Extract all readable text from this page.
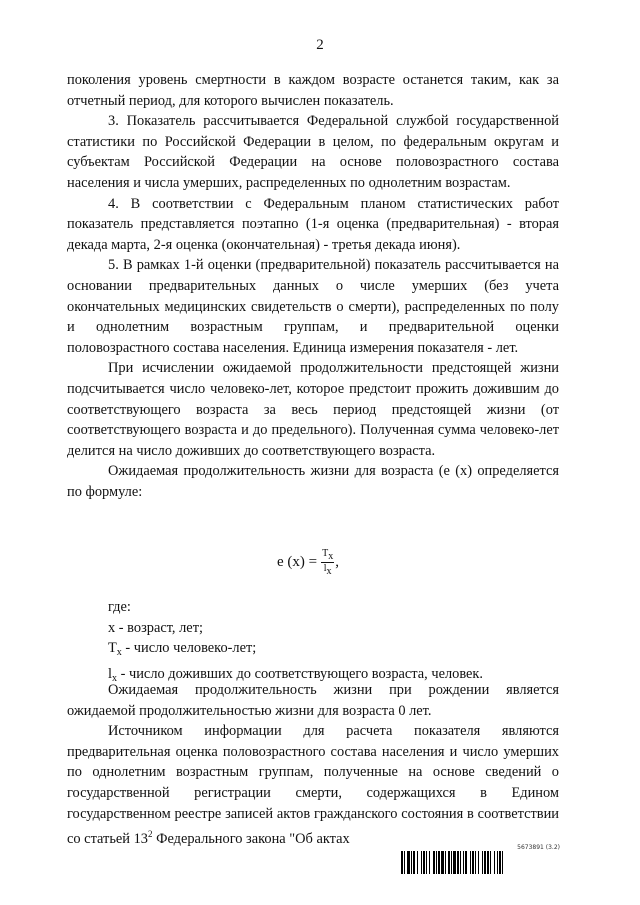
2

поколения уровень смертности в каждом возрасте останется таким, как за отчетный период, для которого вычислен показатель.

3. Показатель рассчитывается Федеральной службой государственной статистики по Российской Федерации в целом, по федеральным округам и субъектам Российской Федерации на основе половозрастного состава населения и числа умерших, распределенных по однолетним возрастам.

4. В соответствии с Федеральным планом статистических работ показатель представляется поэтапно (1-я оценка (предварительная) - вторая декада марта, 2-я оценка (окончательная) - третья декада июня).

5. В рамках 1-й оценки (предварительной) показатель рассчитывается на основании предварительных данных о числе умерших (без учета окончательных медицинских свидетельств о смерти), распределенных по полу и однолетним возрастным группам, и предварительной оценки половозрастного состава населения. Единица измерения показателя - лет.

При исчислении ожидаемой продолжительности предстоящей жизни подсчитывается число человеко-лет, которое предстоит прожить дожившим до соответствующего возраста за весь период предстоящей жизни (от соответствующего возраста и до предельного). Полученная сумма человеко-лет делится на число доживших до соответствующего возраста.

Ожидаемая продолжительность жизни для возраста (е (х) определяется по формуле:

e $(x) = \frac{Tx}{lx}$ ,
где:
х - возраст, лет;
$T_x$ - число человеко-лет;
$l_x$ - число доживших до соответствующего возраста, человек.

Ожидаемая продолжительность жизни при рождении является ожидаемой продолжительностью жизни для возраста 0 лет.

Источником информации для расчета показателя являются предварительная оценка половозрастного состава населения и число умерших по однолетним возрастным группам, полученные на основе сведений о государственной регистрации смерти, содержащихся в Едином государственном реестре записей актов гражданского состояния в соответствии со статьей $13^2$ Федерального закона "Об актах

5673891 (3.2)
